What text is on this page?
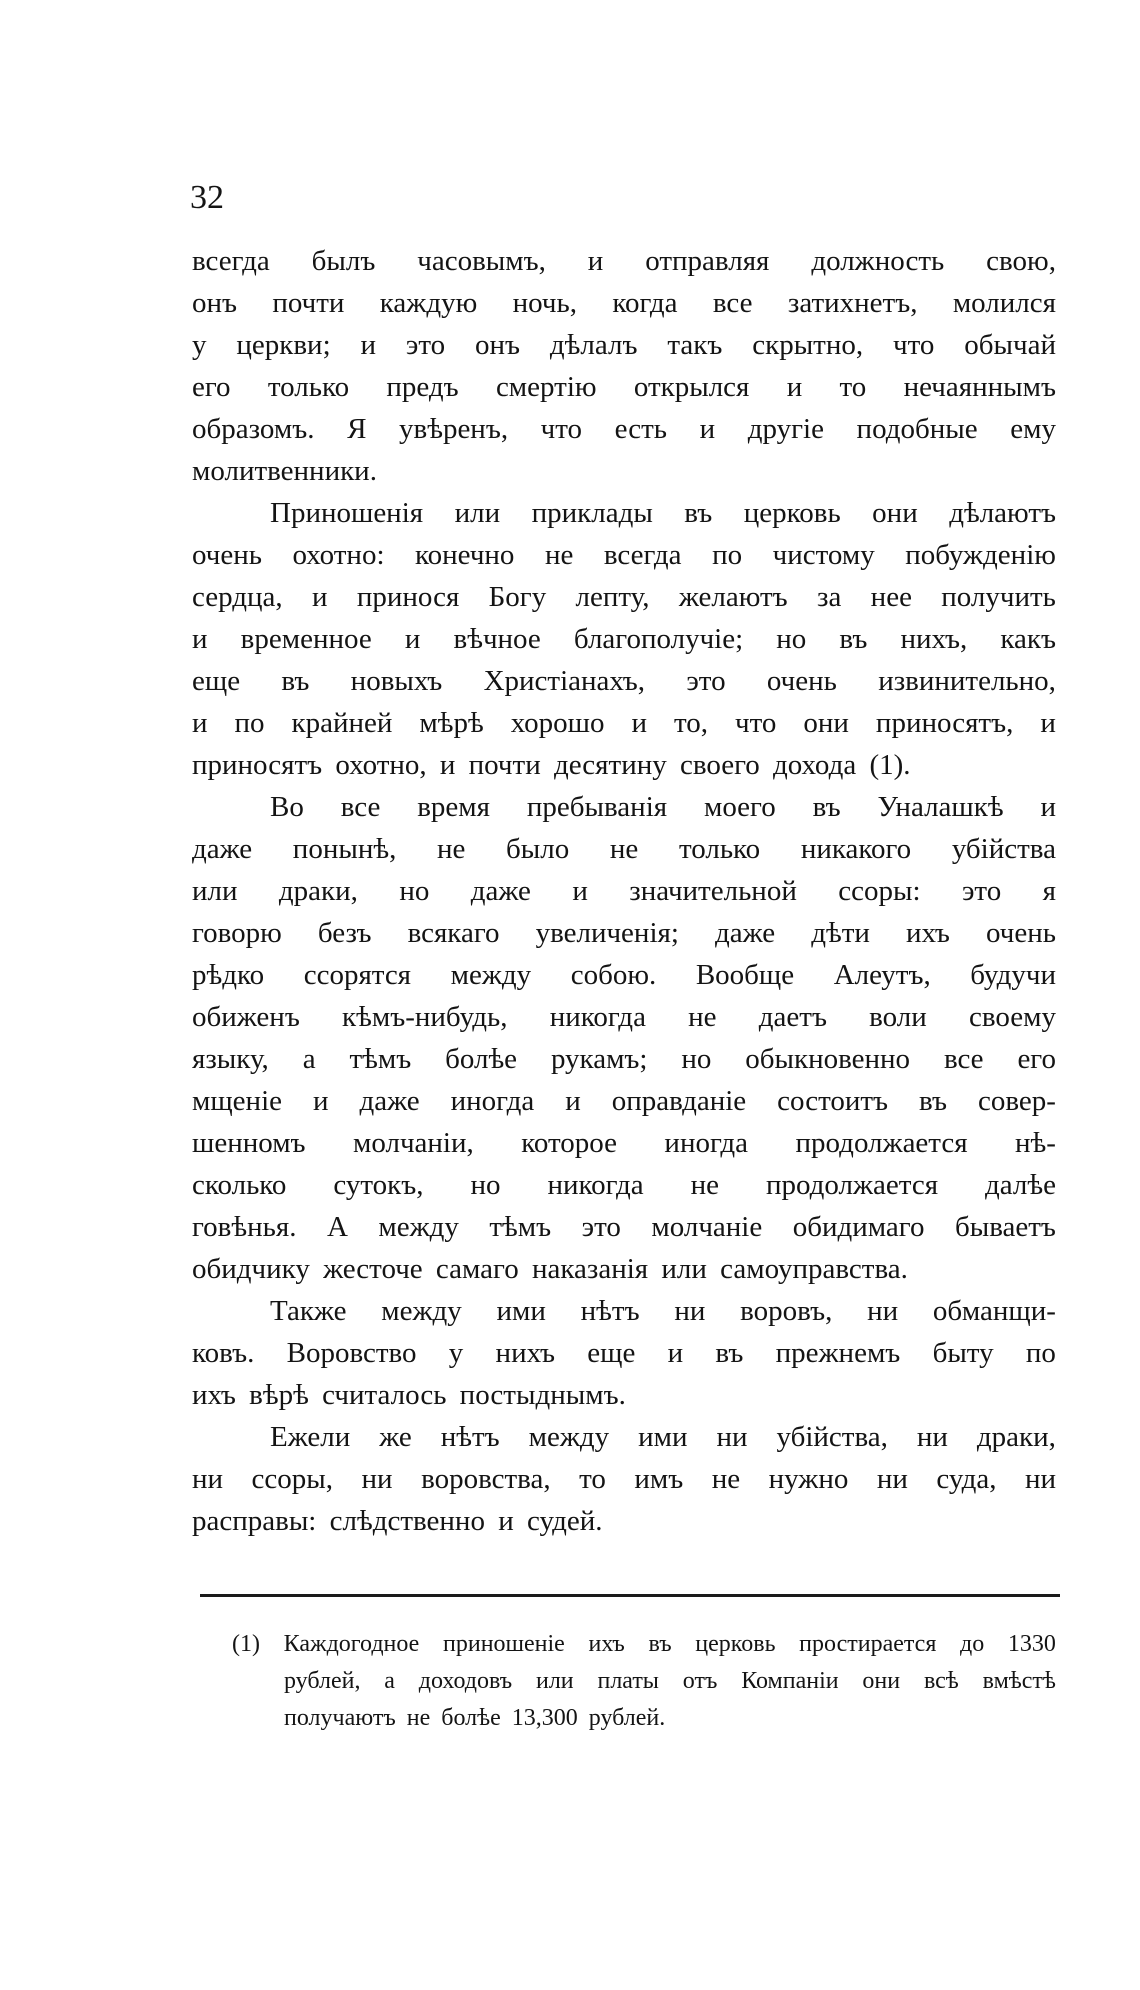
32
всегда былъ часовымъ, и отправляя должность свою,
онъ почти каждую ночь, когда все затихнетъ, молился
у церкви; и это онъ дѣлалъ такъ скрытно, что обычай
его только предъ смертію открылся и то нечаяннымъ
образомъ. Я увѣренъ, что есть и другіе подобные ему
молитвенники.
Приношенія или приклады въ церковь они дѣлаютъ
очень охотно: конечно не всегда по чистому побужденію
сердца, и принося Богу лепту, желаютъ за нее получить
и временное и вѣчное благополучіе; но въ нихъ, какъ
еще въ новыхъ Христіанахъ, это очень извинительно,
и по крайней мѣрѣ хорошо и то, что они приносятъ, и
приносятъ охотно, и почти десятину своего дохода (1).
Во все время пребыванія моего въ Уналашкѣ и
даже понынѣ, не было не только никакого убійства
или драки, но даже и значительной ссоры: это я
говорю безъ всякаго увеличенія; даже дѣти ихъ очень
рѣдко ссорятся между собою. Вообще Алеутъ, будучи
обиженъ кѣмъ-нибудь, никогда не даетъ воли своему
языку, а тѣмъ болѣе рукамъ; но обыкновенно все его
мщеніе и даже иногда и оправданіе состоитъ въ совер-
шенномъ молчаніи, которое иногда продолжается нѣ-
сколько сутокъ, но никогда не продолжается далѣе
говѣнья. А между тѣмъ это молчаніе обидимаго бываетъ
обидчику жесточе самаго наказанія или самоуправства.
Также между ими нѣтъ ни воровъ, ни обманщи-
ковъ. Воровство у нихъ еще и въ прежнемъ быту по
ихъ вѣрѣ считалось постыднымъ.
Ежели же нѣтъ между ими ни убійства, ни драки,
ни ссоры, ни воровства, то имъ не нужно ни суда, ни
расправы: слѣдственно и судей.
(1) Каждогодное приношеніе ихъ въ церковь простирается до 1330
рублей, а доходовъ или платы отъ Компаніи они всѣ вмѣстѣ
получаютъ не болѣе 13,300 рублей.
